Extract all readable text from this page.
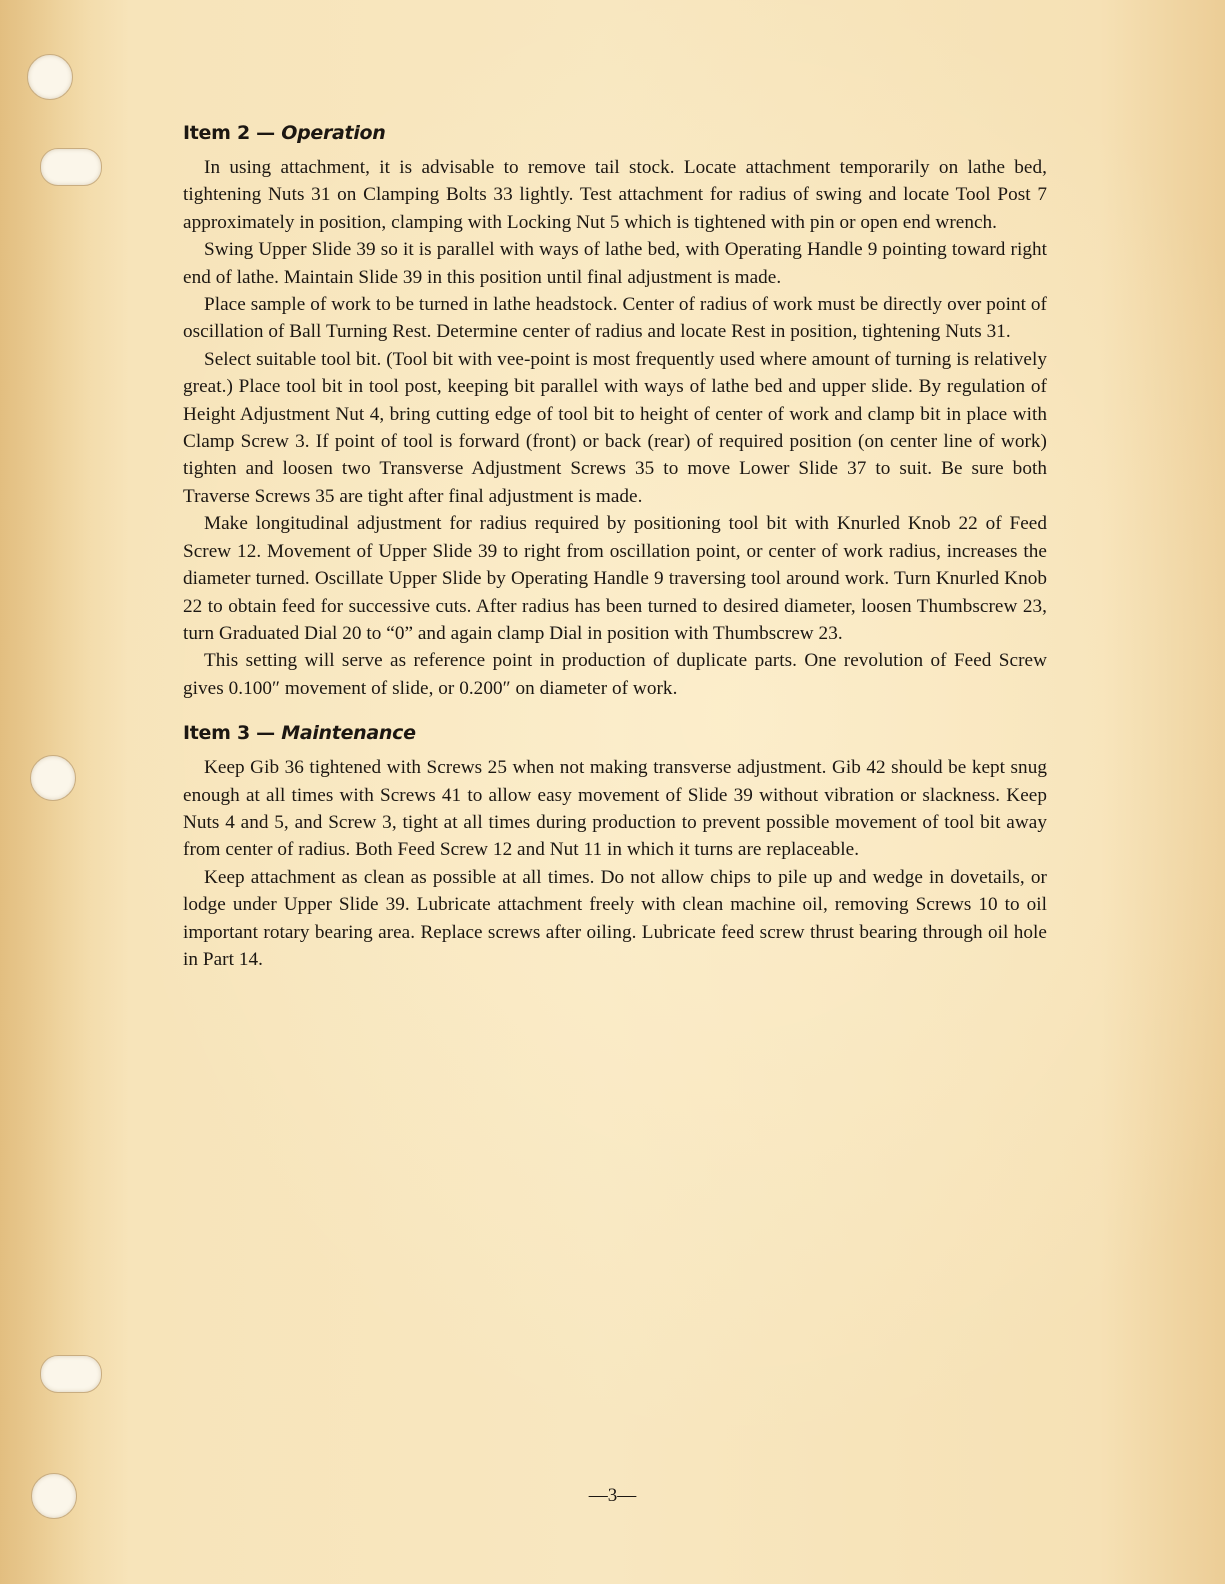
Item 2 — Operation

In using attachment, it is advisable to remove tail stock. Locate attachment temporarily on lathe bed, tightening Nuts 31 on Clamping Bolts 33 lightly. Test attachment for radius of swing and locate Tool Post 7 approximately in position, clamping with Locking Nut 5 which is tightened with pin or open end wrench.

Swing Upper Slide 39 so it is parallel with ways of lathe bed, with Operating Handle 9 pointing toward right end of lathe. Maintain Slide 39 in this position until final adjustment is made.

Place sample of work to be turned in lathe headstock. Center of radius of work must be directly over point of oscillation of Ball Turning Rest. Determine center of radius and locate Rest in position, tightening Nuts 31.

Select suitable tool bit. (Tool bit with vee-point is most frequently used where amount of turning is relatively great.) Place tool bit in tool post, keeping bit parallel with ways of lathe bed and upper slide. By regulation of Height Adjustment Nut 4, bring cutting edge of tool bit to height of center of work and clamp bit in place with Clamp Screw 3. If point of tool is forward (front) or back (rear) of required position (on center line of work) tighten and loosen two Transverse Adjustment Screws 35 to move Lower Slide 37 to suit. Be sure both Traverse Screws 35 are tight after final adjustment is made.

Make longitudinal adjustment for radius required by positioning tool bit with Knurled Knob 22 of Feed Screw 12. Movement of Upper Slide 39 to right from oscillation point, or center of work radius, increases the diameter turned. Oscillate Upper Slide by Operating Handle 9 traversing tool around work. Turn Knurled Knob 22 to obtain feed for successive cuts. After radius has been turned to desired diameter, loosen Thumbscrew 23, turn Graduated Dial 20 to “0” and again clamp Dial in position with Thumbscrew 23.

This setting will serve as reference point in production of duplicate parts. One revolution of Feed Screw gives 0.100″ movement of slide, or 0.200″ on diameter of work.

Item 3 — Maintenance

Keep Gib 36 tightened with Screws 25 when not making transverse adjustment. Gib 42 should be kept snug enough at all times with Screws 41 to allow easy movement of Slide 39 without vibration or slackness. Keep Nuts 4 and 5, and Screw 3, tight at all times during production to prevent possible movement of tool bit away from center of radius. Both Feed Screw 12 and Nut 11 in which it turns are replaceable.

Keep attachment as clean as possible at all times. Do not allow chips to pile up and wedge in dovetails, or lodge under Upper Slide 39. Lubricate attachment freely with clean machine oil, removing Screws 10 to oil important rotary bearing area. Replace screws after oiling. Lubricate feed screw thrust bearing through oil hole in Part 14.

—3—
